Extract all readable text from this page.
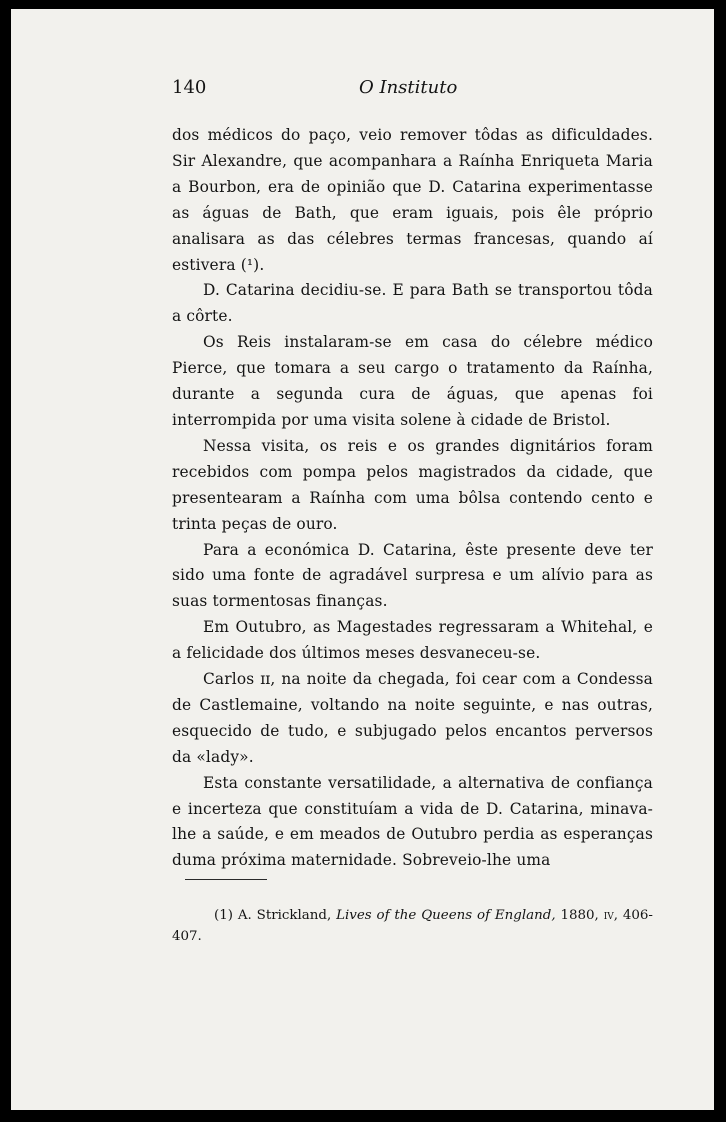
140	O Instituto

dos médicos do paço, veio remover tôdas as dificuldades. Sir Alexandre, que acompanhara a Raínha Enriqueta Maria a Bourbon, era de opinião que D. Catarina experimentasse as águas de Bath, que eram iguais, pois êle próprio analisara as das célebres termas francesas, quando aí estivera (¹).

D. Catarina decidiu-se. E para Bath se transportou tôda a côrte.

Os Reis instalaram-se em casa do célebre médico Pierce, que tomara a seu cargo o tratamento da Raínha, durante a segunda cura de águas, que apenas foi interrompida por uma visita solene à cidade de Bristol.

Nessa visita, os reis e os grandes dignitários foram recebidos com pompa pelos magistrados da cidade, que presentearam a Raínha com uma bôlsa contendo cento e trinta peças de ouro.

Para a económica D. Catarina, êste presente deve ter sido uma fonte de agradável surpresa e um alívio para as suas tormentosas finanças.

Em Outubro, as Magestades regressaram a Whitehal, e a felicidade dos últimos meses desvaneceu-se.

Carlos ɪɪ, na noite da chegada, foi cear com a Condessa de Castlemaine, voltando na noite seguinte, e nas outras, esquecido de tudo, e subjugado pelos encantos perversos da «lady».

Esta constante versatilidade, a alternativa de confiança e incerteza que constituíam a vida de D. Catarina, minava-lhe a saúde, e em meados de Outubro perdia as esperanças duma próxima maternidade. Sobreveio-lhe uma

(1) A. Strickland, Lives of the Queens of England, 1880, iv, 406-407.
